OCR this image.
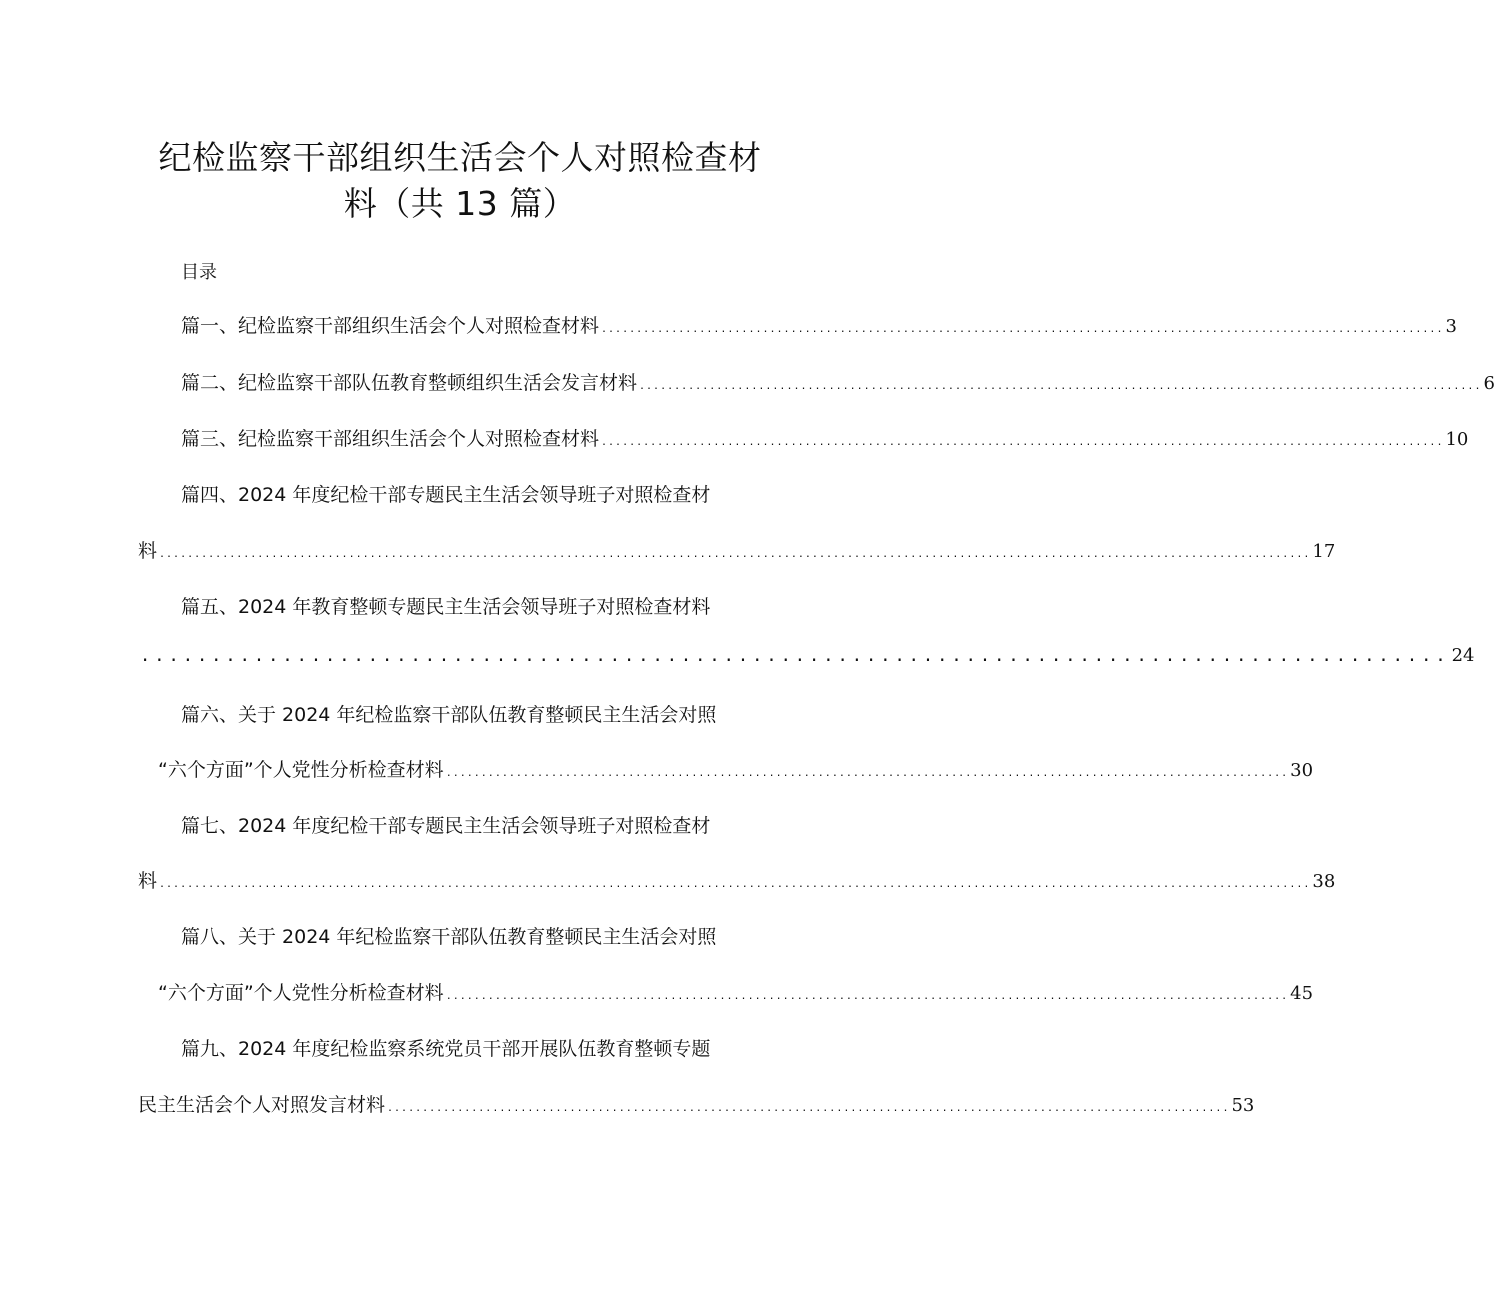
纪检监察干部组织生活会个人对照检查材
料（共 13 篇）
目录
篇一、纪检监察干部组织生活会个人对照检查材料 ........................................................................................................................ 3
篇二、纪检监察干部队伍教育整顿组织生活会发言材料 ........................................................................................................................ 6
篇三、纪检监察干部组织生活会个人对照检查材料 ........................................................................................................................ 10
篇四、2024 年度纪检干部专题民主生活会领导班子对照检查材
料 .................................................................................................................................................................... 17
篇五、2024 年教育整顿专题民主生活会领导班子对照检查材料
............................................................................................ 24
篇六、关于 2024 年纪检监察干部队伍教育整顿民主生活会对照
“六个方面”个人党性分析检查材料 ........................................................................................................................ 30
篇七、2024 年度纪检干部专题民主生活会领导班子对照检查材
料 .................................................................................................................................................................... 38
篇八、关于 2024 年纪检监察干部队伍教育整顿民主生活会对照
“六个方面”个人党性分析检查材料 ........................................................................................................................ 45
篇九、2024 年度纪检监察系统党员干部开展队伍教育整顿专题
民主生活会个人对照发言材料 ........................................................................................................................ 53
